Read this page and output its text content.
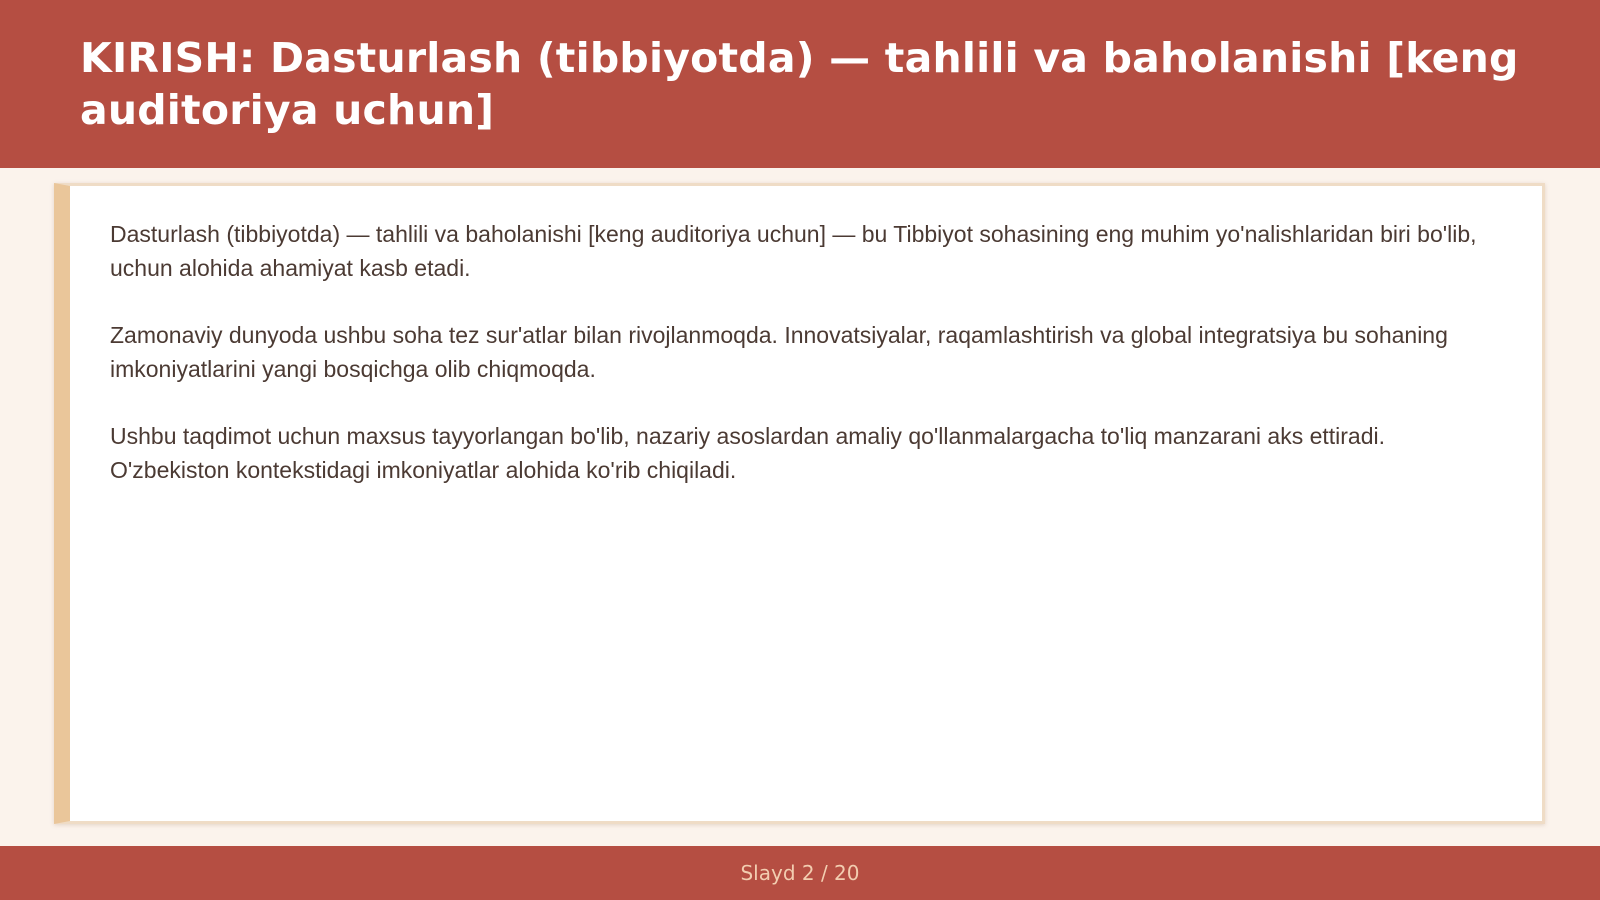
KIRISH: Dasturlash (tibbiyotda) — tahlili va baholanishi [keng auditoriya uchun]

Dasturlash (tibbiyotda) — tahlili va baholanishi [keng auditoriya uchun] — bu Tibbiyot sohasining eng muhim yo'nalishlaridan biri bo'lib, uchun alohida ahamiyat kasb etadi.

Zamonaviy dunyoda ushbu soha tez sur'atlar bilan rivojlanmoqda. Innovatsiyalar, raqamlashtirish va global integratsiya bu sohaning imkoniyatlarini yangi bosqichga olib chiqmoqda.

Ushbu taqdimot uchun maxsus tayyorlangan bo'lib, nazariy asoslardan amaliy qo'llanmalargacha to'liq manzarani aks ettiradi. O'zbekiston kontekstidagi imkoniyatlar alohida ko'rib chiqiladi.

Slayd 2 / 20
